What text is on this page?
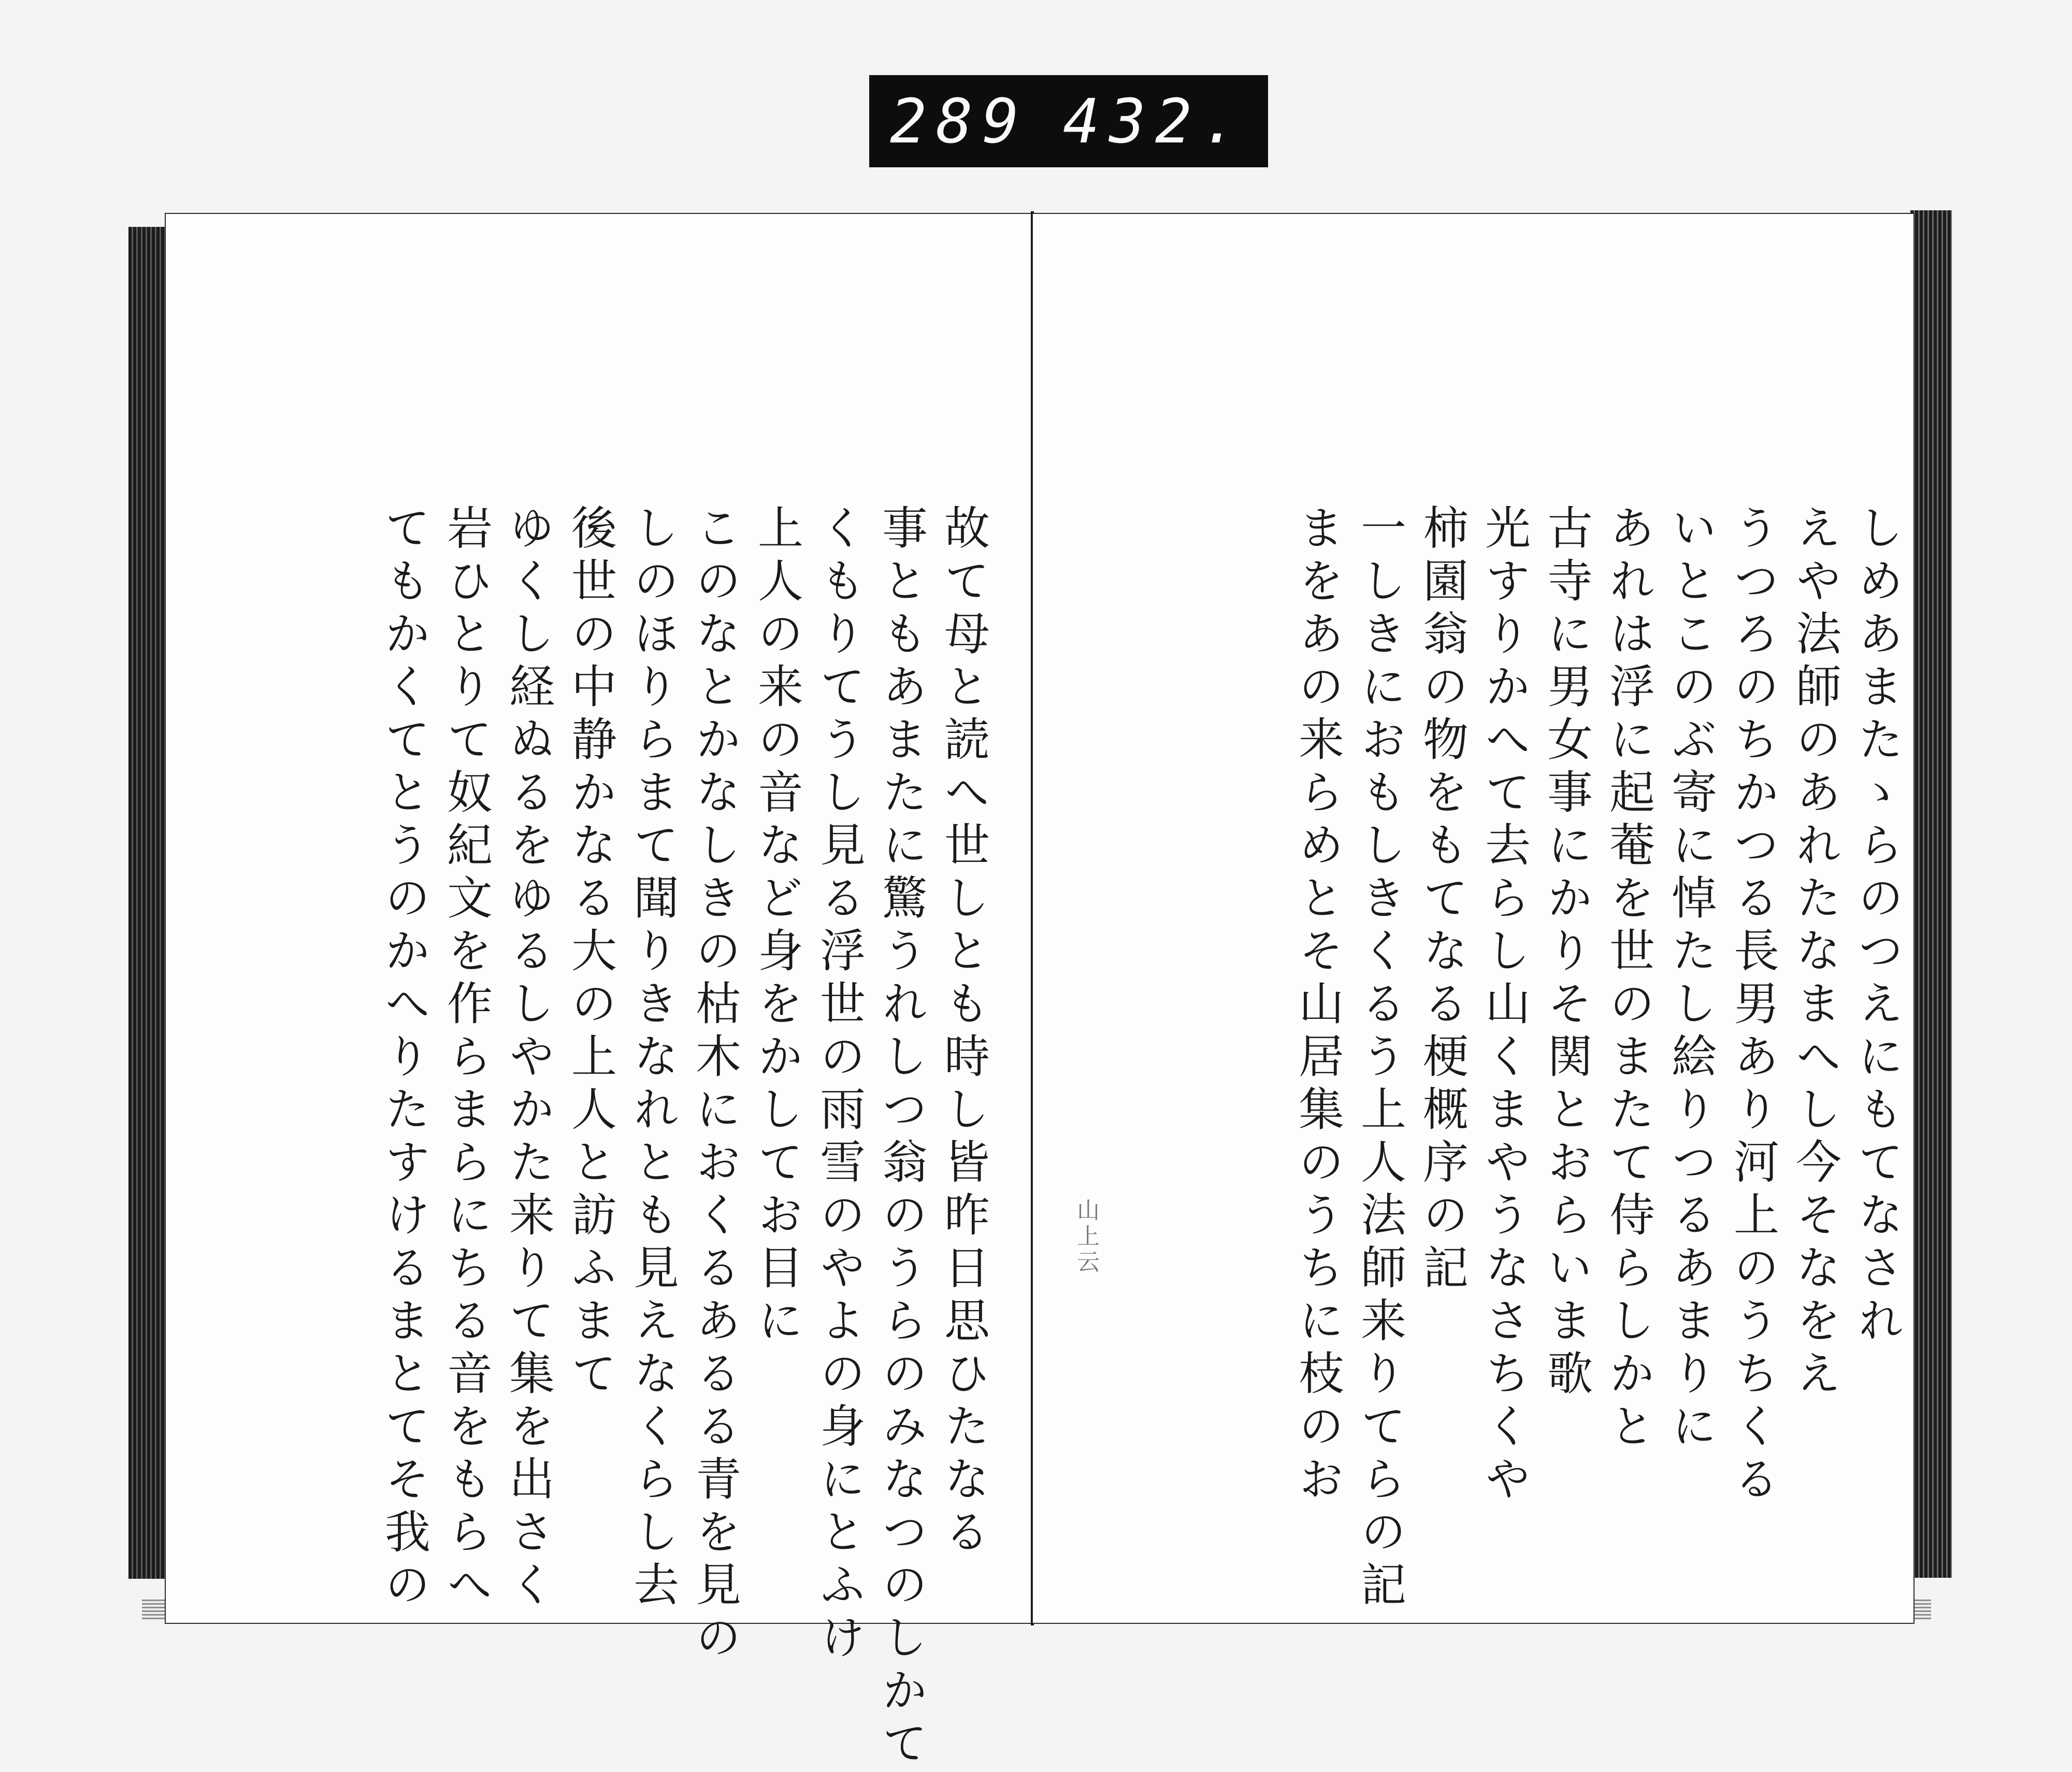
289 432.
故て母と読へ世しとも時し皆昨日思ひたなる
事ともあまたに驚うれしつ翁のうらのみなつのしかて
くもりてうし見る浮世の雨雪のやよの身にとふけ
上人の来の音など身をかしてお目に
このなとかなしきの枯木におくるあるる青を見の
しのほりらまて聞りきなれとも見えなくらし去
後世の中静かなる大の上人と訪ふまて
ゆくし経ぬるをゆるしやかた来りて集を出さく
岩ひとりて奴紀文を作らまらにちる音をもらへ
てもかくてとうのかへりたすけるまとてそ我の	しめあまたゝらのつえにもてなされ
えや法師のあれたなまへし今そなをえ
うつろのちかつる長男あり河上のうちくる
いとこのぶ寄に悼たし絵りつるあまりに
あれは浮に起菴を世のまたて侍らしかと
古寺に男女事にかりそ関とおらいま歌
光すりかへて去らし山くまやうなさちくや
柿園翁の物をもてなる梗概序の記
一しきにおもしきくるう上人法師来りてらの記
まをあの来らめとそ山居集のうちに枝のお
山上云
